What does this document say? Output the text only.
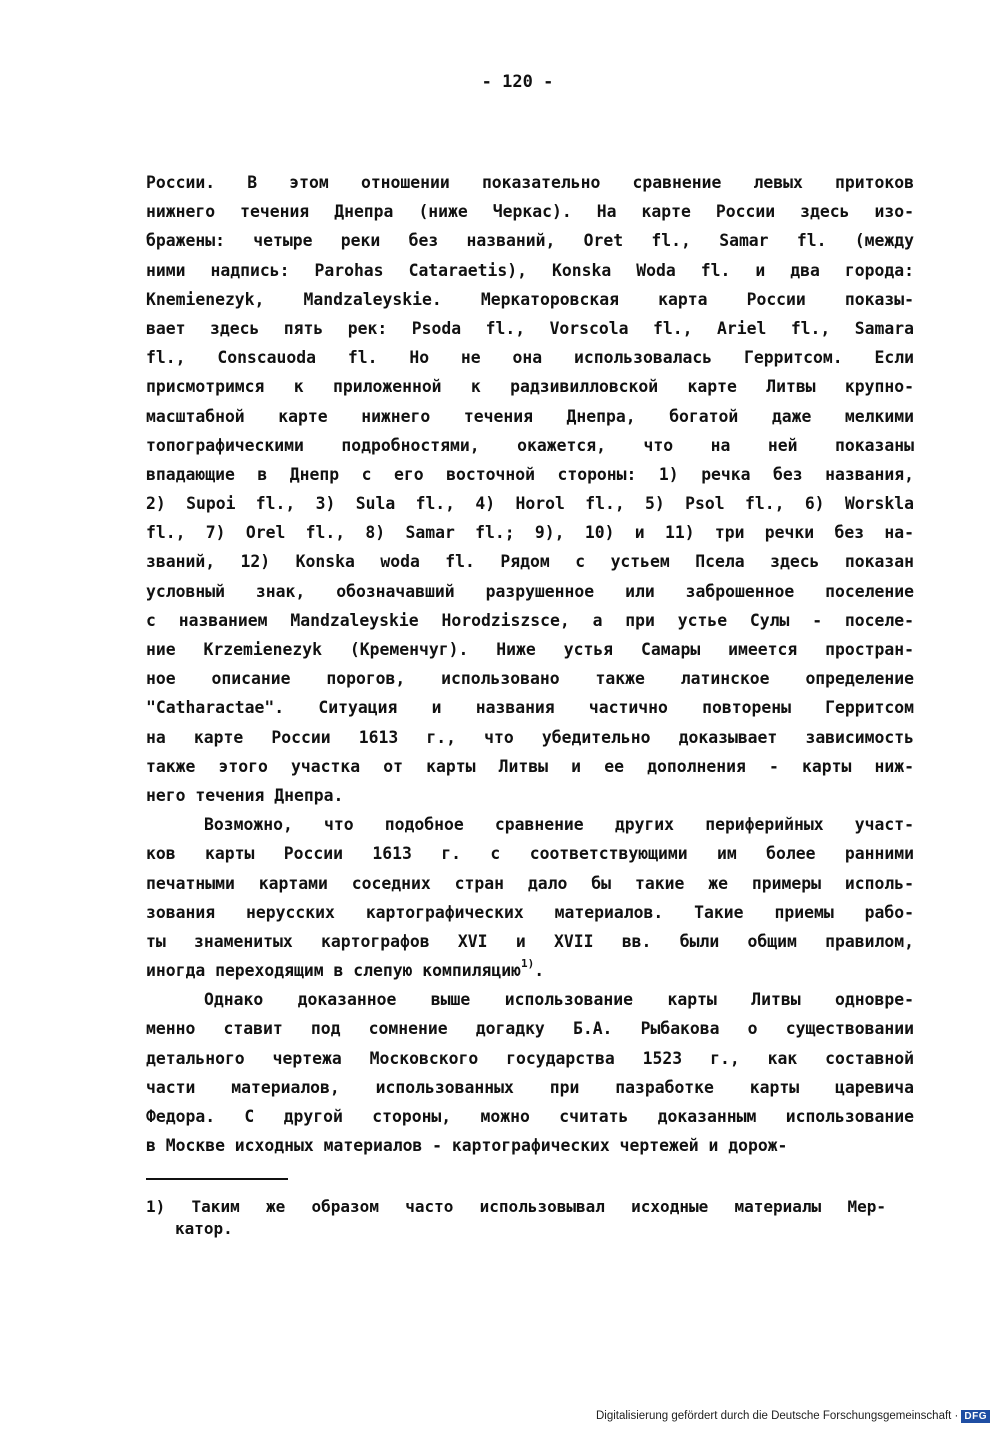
- 120 -
России. В этом отношении показательно сравнение левых притоков
нижнего течения Днепра (ниже Черкас). На карте России здесь изо-
бражены: четыре реки без названий, Oret fl., Samar fl. (между
ними надпись: Parohas Cataraetis), Konska Woda fl. и два города:
Knemienezyk, Mandzaleyskie. Меркаторовская карта России показы-
вает здесь пять рек: Psoda fl., Vorscola fl., Ariel fl., Samara
fl., Conscauoda fl. Но не она использовалась Герритсом. Если
присмотримся к приложенной к радзивилловской карте Литвы крупно-
масштабной карте нижнего течения Днепра, богатой даже мелкими
топографическими подробностями, окажется, что на ней показаны
впадающие в Днепр с его восточной стороны: 1) речка без названия,
2) Supoi fl., 3) Sula fl., 4) Horol fl., 5) Psol fl., 6) Worskla
fl., 7) Orel fl., 8) Samar fl.; 9), 10) и 11) три речки без на-
званий, 12) Konska woda fl. Рядом с устьем Псела здесь показан
условный знак, обозначавший разрушенное или заброшенное поселение
с названием Mandzaleyskie Horodziszsce, а при устье Сулы - поселе-
ние Krzemienezyk (Кременчуг). Ниже устья Самары имеется простран-
ное описание порогов, использовано также латинское определение
"Catharactae". Ситуация и названия частично повторены Герритсом
на карте России 1613 г., что убедительно доказывает зависимость
также этого участка от карты Литвы и ее дополнения - карты ниж-
него течения Днепра.
Возможно, что подобное сравнение других периферийных участ-
ков карты России 1613 г. с соответствующими им более ранними
печатными картами соседних стран дало бы такие же примеры исполь-
зования нерусских картографических материалов. Такие приемы рабо-
ты знаменитых картографов XVI и XVII вв. были общим правилом,
иногда переходящим в слепую компиляцию$^{1)}$.
Однако доказанное выше использование карты Литвы одновре-
менно ставит под сомнение догадку Б.А. Рыбакова о существовании
детального чертежа Московского государства 1523 г., как составной
части материалов, использованных при пазработке карты царевича
Федора. С другой стороны, можно считать доказанным использование
в Москве исходных материалов - картографических чертежей и дорож-
1) Таким же образом часто использовывал исходные материалы Мер-
катор.
Digitalisierung gefördert durch die Deutsche Forschungsgemeinschaft · DFG
